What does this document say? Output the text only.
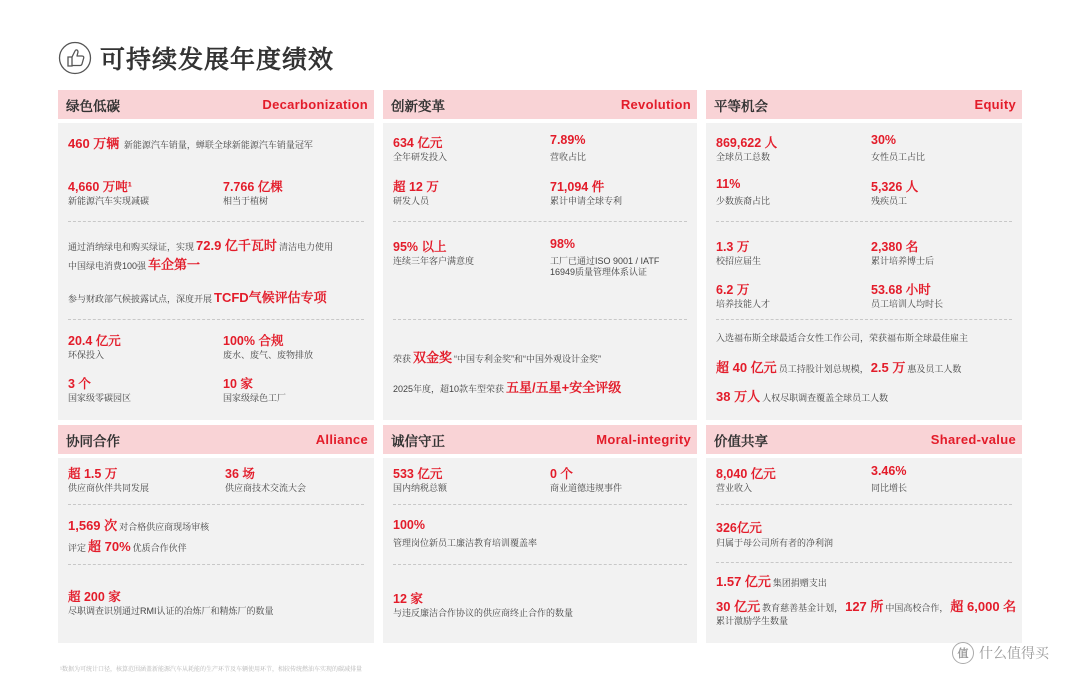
可持续发展年度绩效
绿色低碳	Decarbonization
460 万辆 新能源汽车销量，蝉联全球新能源汽车销量冠军
4,660 万吨¹
新能源汽车实现减碳
7.766 亿棵
相当于植树
通过消纳绿电和购买绿证，实现 72.9 亿千瓦时 清洁电力使用
中国绿电消费100强 车企第一
参与财政部气候披露试点，深度开展 TCFD气候评估专项
20.4 亿元
环保投入
100% 合规
废水、废气、废物排放
3 个
国家级零碳园区
10 家
国家级绿色工厂
创新变革	Revolution
634 亿元
全年研发投入
7.89%
营收占比
超 12 万
研发人员
71,094 件
累计申请全球专利
95% 以上
连续三年客户满意度
98%
工厂已通过ISO 9001 / IATF
16949质量管理体系认证
荣获 双金奖 “中国专利金奖”和“中国外观设计金奖”
2025年度，超10款车型荣获 五星/五星+安全评级
平等机会	Equity
869,622 人
全球员工总数
30%
女性员工占比
11%
少数族裔占比
5,326 人
残疾员工
1.3 万
校招应届生
2,380 名
累计培养博士后
6.2 万
培养技能人才
53.68 小时
员工培训人均时长
入选福布斯全球最适合女性工作公司，荣获福布斯全球最佳雇主
超 40 亿元 员工持股计划总规模， 2.5 万 惠及员工人数
38 万人 人权尽职调查覆盖全球员工人数
协同合作	Alliance
超 1.5 万
供应商伙伴共同发展
36 场
供应商技术交流大会
1,569 次 对合格供应商现场审核
评定 超 70% 优质合作伙伴
超 200 家
尽职调查识别通过RMI认证的冶炼厂和精炼厂的数量
诚信守正	Moral-integrity
533 亿元
国内纳税总额
0 个
商业道德违规事件
100%
管理岗位新员工廉洁教育培训覆盖率
12 家
与违反廉洁合作协议的供应商终止合作的数量
价值共享	Shared-value
8,040 亿元
营业收入
3.46%
同比增长
326亿元
归属于母公司所有者的净利润
1.57 亿元 集团捐赠支出
30 亿元 教育慈善基金计划， 127 所 中国高校合作， 超 6,000 名
累计激励学生数量
¹数据为可统计口径，核算范围涵盖新能源汽车从耗能的生产环节及车辆使用环节，相较传统燃油车实现的碳减排量
值 什么值得买
